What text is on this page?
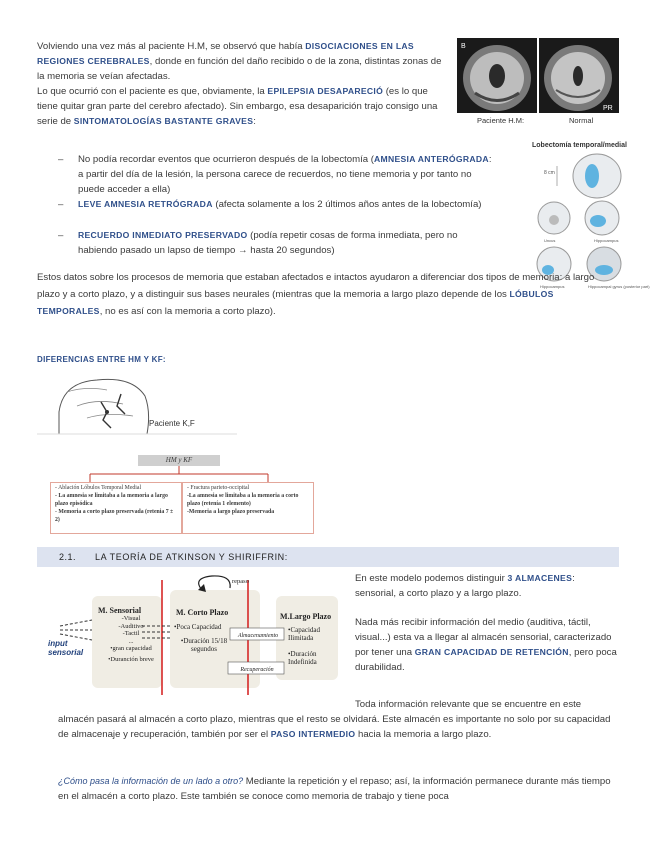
Volviendo una vez más al paciente H.M, se observó que había DISOCIACIONES EN LAS REGIONES CEREBRALES, donde en función del daño recibido o de la zona, distintas zonas de la memoria se veían afectadas.
Lo que ocurrió con el paciente es que, obviamente, la EPILEPSIA DESAPARECIÓ (es lo que tiene quitar gran parte del cerebro afectado). Sin embargo, esa desaparición trajo consigo una serie de SINTOMATOLOGÍAS BASTANTE GRAVES:
B
PR
Paciente H.M:	Normal
Lobectomía temporal/medial
8 cm
Uncus	Hippocampus
Hippocampus	Hippocampal gyrus (posterior part)
– No podía recordar eventos que ocurrieron después de la lobectomía (AMNESIA ANTERÓGRADA: a partir del día de la lesión, la persona carece de recuerdos, no tiene memoria y por tanto no puede acceder a ella)
– LEVE AMNESIA RETRÓGRADA (afecta solamente a los 2 últimos años antes de la lobectomía)
– RECUERDO INMEDIATO PRESERVADO (podía repetir cosas de forma inmediata, pero no habiendo pasado un lapso de tiempo → hasta 20 segundos)
Estos datos sobre los procesos de memoria que estaban afectados e intactos ayudaron a diferenciar dos tipos de memoria: a largo plazo y a corto plazo, y a distinguir sus bases neurales (mientras que la memoria a largo plazo depende de los LÓBULOS TEMPORALES, no es así con la memoria a corto plazo).
DIFERENCIAS ENTRE HM Y KF:
Paciente K,F
HM y KF
- Ablación Lóbulos Temporal Medial
- La amnesia se limitaba a la memoria a largo plazo episódica
- Memoria a corto plazo preservada (retenia 7 ± 2)
- Fractura parieto-occipital
-La amnesia se limitaba a la memoria a corto plazo (retenía 1 elemento)
-Memoria a largo plazo preservada
2.1. LA TEORÍA DE ATKINSON Y SHIRIFFRIN:
input sensorial
M. Sensorial
-Visual
-Auditivo
-Tactil
...
•gran capacidad
•Duranción breve
repaso
M. Corto Plazo
•Poca Capacidad
•Duración 15/18 segundos
Almacenamiento
Recuperación
M.Largo Plazo
•Capacidad Ilimitada
•Duración Indefinida

En este modelo podemos distinguir 3 ALMACENES: sensorial, a corto plazo y a largo plazo.

Nada más recibir información del medio (auditiva, táctil, visual...) esta va a llegar al almacén sensorial, caracterizado por tener una GRAN CAPACIDAD DE RETENCIÓN, pero poca durabilidad.

Toda información relevante que se encuentre en este almacén pasará al almacén a corto plazo, mientras que el resto se olvidará. Este almacén es importante no solo por su capacidad de almacenaje y recuperación, también por ser el PASO INTERMEDIO hacia la memoria a largo plazo.
¿Cómo pasa la información de un lado a otro? Mediante la repetición y el repaso; así, la información permanece durante más tiempo en el almacén a corto plazo. Este también se conoce como memoria de trabajo y tiene poca
